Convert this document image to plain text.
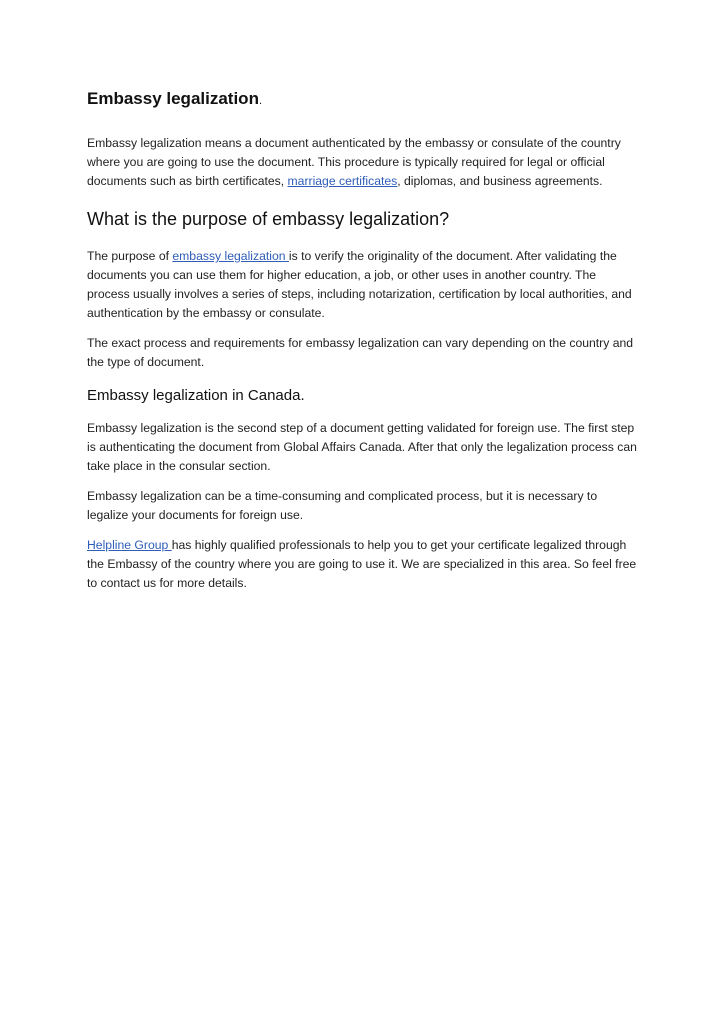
Embassy legalization.

Embassy legalization means a document authenticated by the embassy or consulate of the country where you are going to use the document. This procedure is typically required for legal or official documents such as birth certificates, marriage certificates, diplomas, and business agreements.

What is the purpose of embassy legalization?

The purpose of embassy legalization is to verify the originality of the document. After validating the documents you can use them for higher education, a job, or other uses in another country. The process usually involves a series of steps, including notarization, certification by local authorities, and authentication by the embassy or consulate.

The exact process and requirements for embassy legalization can vary depending on the country and the type of document.

Embassy legalization in Canada.

Embassy legalization is the second step of a document getting validated for foreign use. The first step is authenticating the document from Global Affairs Canada. After that only the legalization process can take place in the consular section.

Embassy legalization can be a time-consuming and complicated process, but it is necessary to legalize your documents for foreign use.

Helpline Group has highly qualified professionals to help you to get your certificate legalized through the Embassy of the country where you are going to use it. We are specialized in this area. So feel free to contact us for more details.
